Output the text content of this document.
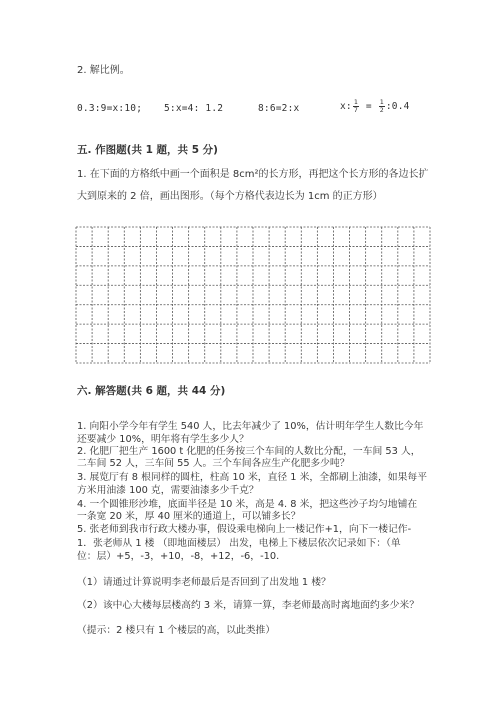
2. 解比例。
0.3:9=x:10; 5:x=4: 1.2	8:6=2:x	x: $\frac{1}{7} = \frac{1}{2}$ :0.4
五. 作图题(共 1 题，共 5 分)
1. 在下面的方格纸中画一个面积是 8cm²的长方形，再把这个长方形的各边长扩
大到原来的 2 倍，画出图形。（每个方格代表边长为 1cm 的正方形）
六. 解答题(共 6 题，共 44 分)
1. 向阳小学今年有学生 540 人，比去年减少了 10%，估计明年学生人数比今年
还要减少 10%，明年将有学生多少人？
2. 化肥厂把生产 1600 t 化肥的任务按三个车间的人数比分配，一车间 53 人，
二车间 52 人，三车间 55 人。三个车间各应生产化肥多少吨？
3. 展览厅有 8 根同样的圆柱，柱高 10 米，直径 1 米，全都刷上油漆，如果每平
方米用油漆 100 克，需要油漆多少千克？
4. 一个圆锥形沙堆，底面半径是 10 米，高是 4. 8 米，把这些沙子均匀地铺在
一条宽 20 米，厚 40 厘米的通道上，可以铺多长？
5. 张老师到我市行政大楼办事，假设乘电梯向上一楼记作+1，向下一楼记作-
1．张老师从 1 楼 （即地面楼层） 出发，电梯上下楼层依次记录如下：（单
位：层）+5，-3，+10，-8，+12，-6，-10.
（1）请通过计算说明李老师最后是否回到了出发地 1 楼？
（2）该中心大楼每层楼高约 3 米，请算一算，李老师最高时离地面约多少米？
（提示：2 楼只有 1 个楼层的高，以此类推）
